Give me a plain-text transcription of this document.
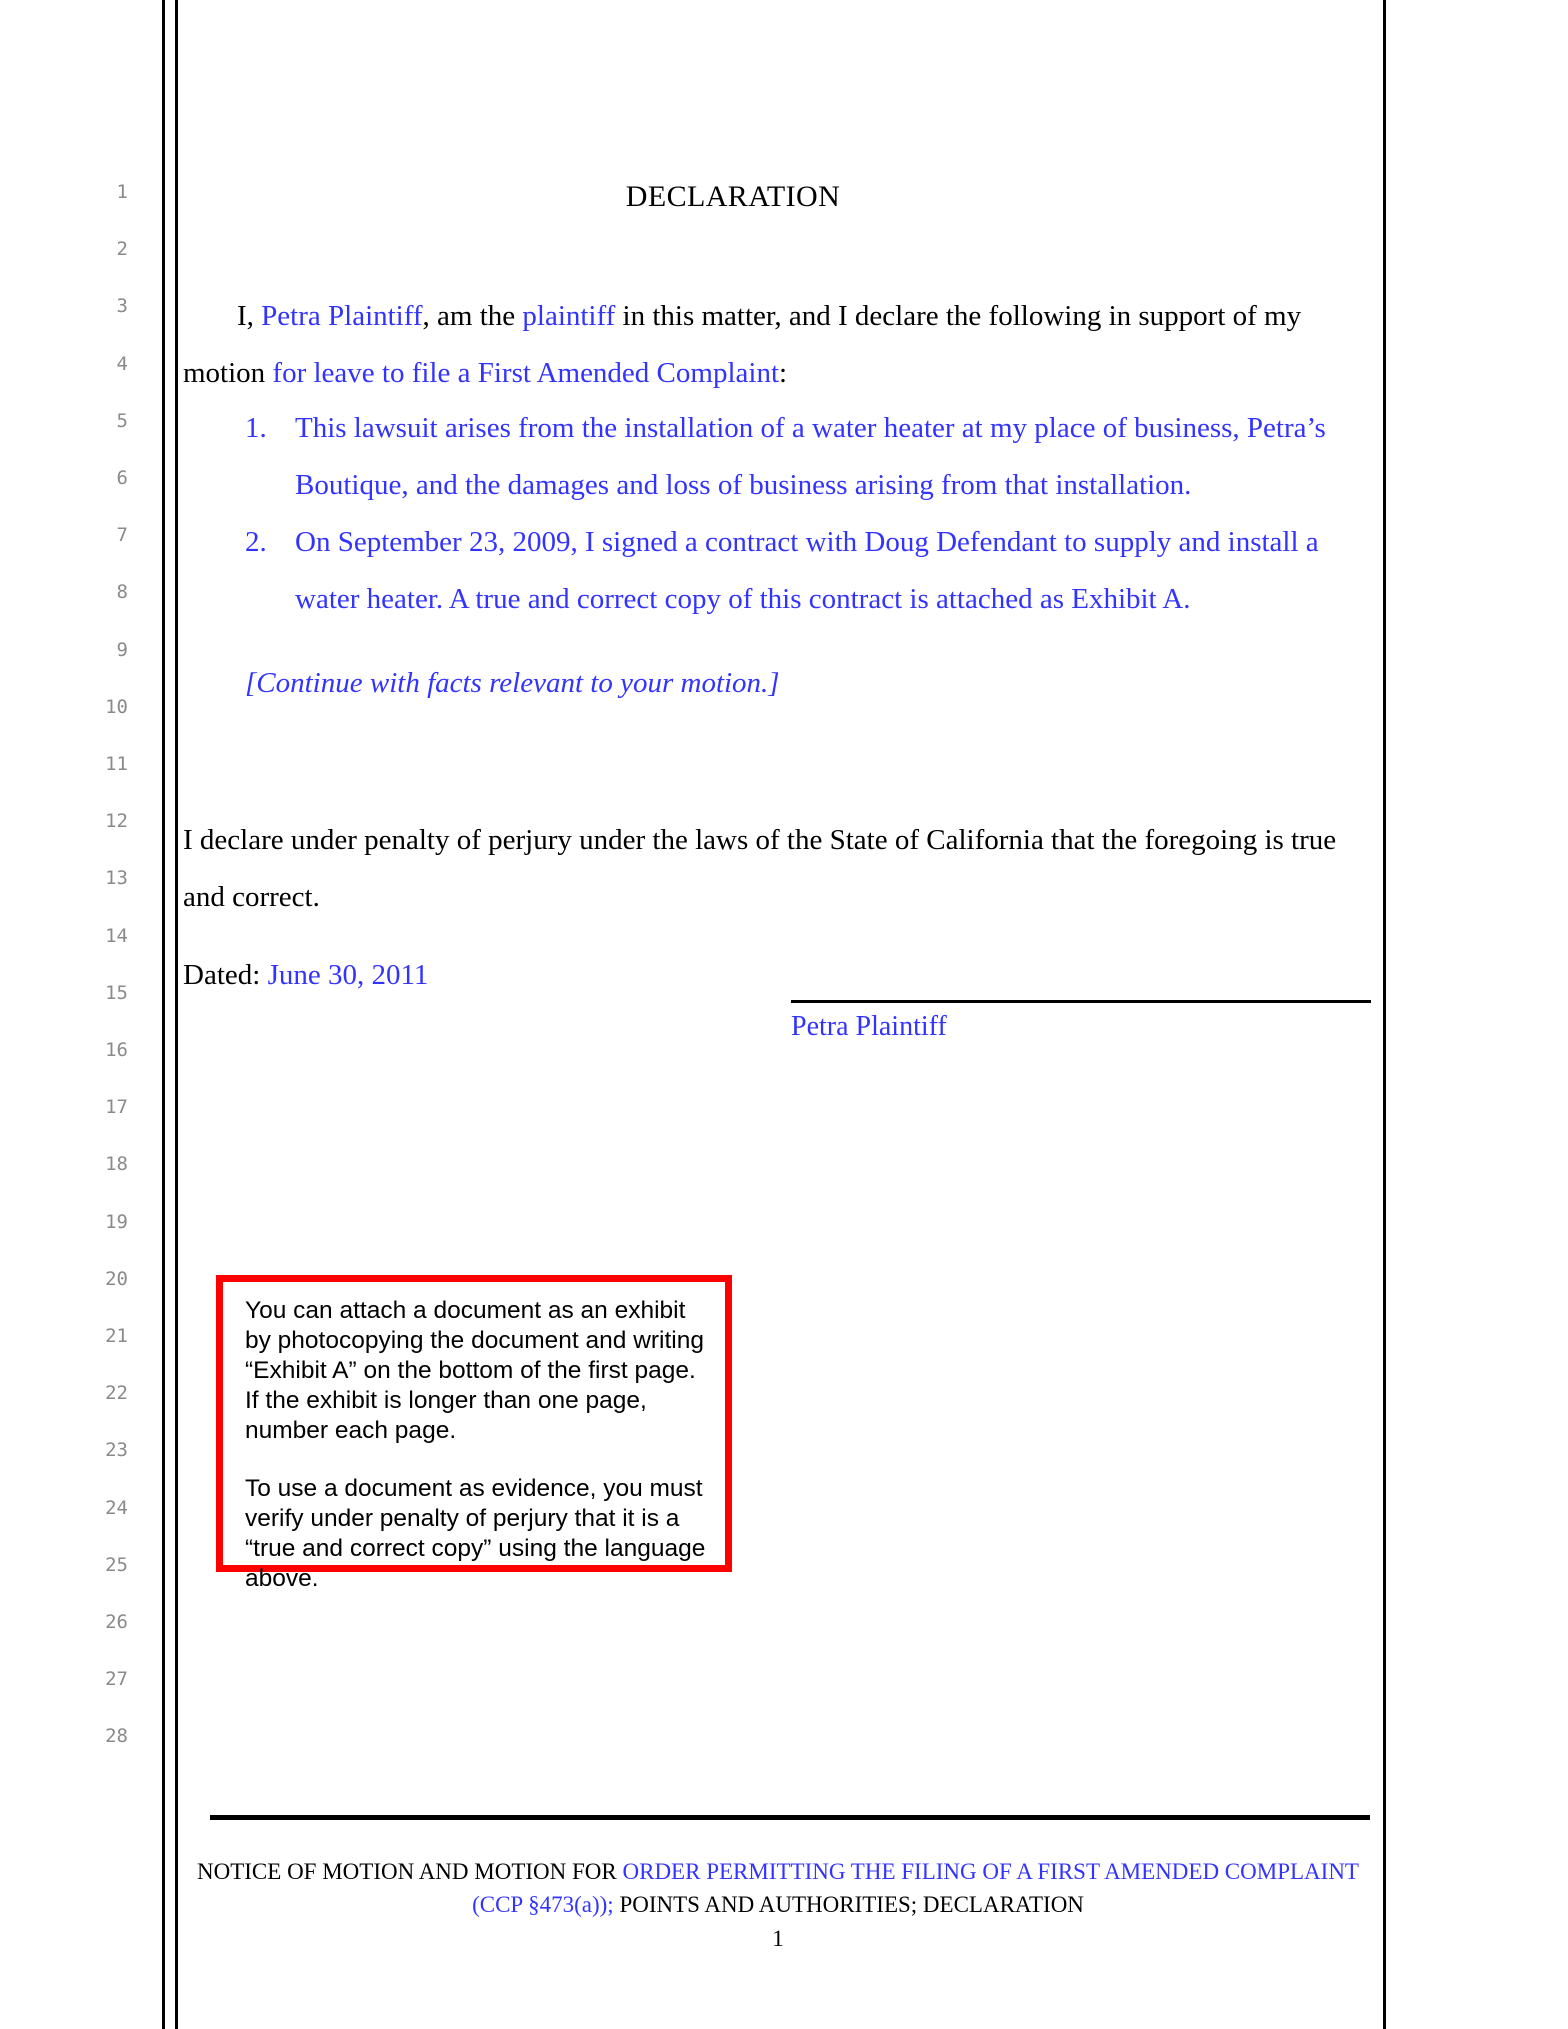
1
2
3
4
5
6
7
8
9
10
11
12
13
14
15
16
17
18
19
20
21
22
23
24
25
26
27
28
DECLARATION
I, Petra Plaintiff, am the plaintiff in this matter, and I declare the following in support of my motion for leave to file a First Amended Complaint:
1. This lawsuit arises from the installation of a water heater at my place of business, Petra’s Boutique, and the damages and loss of business arising from that installation.
2. On September 23, 2009, I signed a contract with Doug Defendant to supply and install a water heater. A true and correct copy of this contract is attached as Exhibit A.
[Continue with facts relevant to your motion.]
I declare under penalty of perjury under the laws of the State of California that the foregoing is true and correct.
Dated: June 30, 2011
Petra Plaintiff

You can attach a document as an exhibit by photocopying the document and writing “Exhibit A” on the bottom of the first page. If the exhibit is longer than one page, number each page.

To use a document as evidence, you must verify under penalty of perjury that it is a “true and correct copy” using the language above.

NOTICE OF MOTION AND MOTION FOR ORDER PERMITTING THE FILING OF A FIRST AMENDED COMPLAINT
(CCP §473(a)); POINTS AND AUTHORITIES; DECLARATION
1
